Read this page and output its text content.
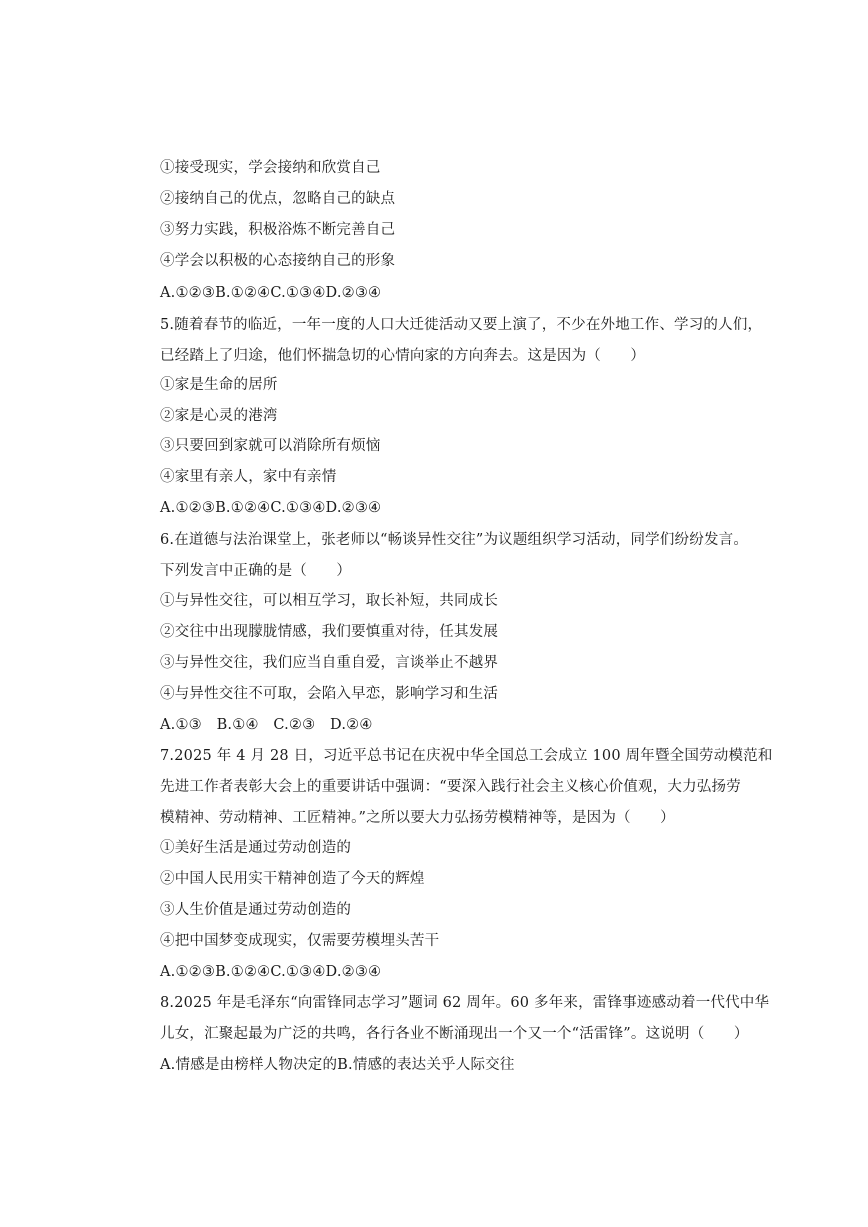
①接受现实，学会接纳和欣赏自己
②接纳自己的优点，忽略自己的缺点
③努力实践，积极浴炼不断完善自己
④学会以积极的心态接纳自己的形象
A.①②③B.①②④C.①③④D.②③④
5.随着春节的临近，一年一度的人口大迁徙活动又要上演了，不少在外地工作、学习的人们，
已经踏上了归途，他们怀揣急切的心情向家的方向奔去。这是因为（　　）
①家是生命的居所
②家是心灵的港湾
③只要回到家就可以消除所有烦恼
④家里有亲人，家中有亲情
A.①②③B.①②④C.①③④D.②③④
6.在道德与法治课堂上，张老师以“畅谈异性交往”为议题组织学习活动，同学们纷纷发言。
下列发言中正确的是（　　）
①与异性交往，可以相互学习，取长补短，共同成长
②交往中出现朦胧情感，我们要慎重对待，任其发展
③与异性交往，我们应当自重自爱，言谈举止不越界
④与异性交往不可取，会陷入早恋，影响学习和生活
A.①③　B.①④　C.②③　D.②④
7.2025 年 4 月 28 日，习近平总书记在庆祝中华全国总工会成立 100 周年暨全国劳动模范和
先进工作者表彰大会上的重要讲话中强调：“要深入践行社会主义核心价值观，大力弘扬劳
模精神、劳动精神、工匠精神。”之所以要大力弘扬劳模精神等，是因为（　　）
①美好生活是通过劳动创造的
②中国人民用实干精神创造了今天的辉煌
③人生价值是通过劳动创造的
④把中国梦变成现实，仅需要劳模埋头苦干
A.①②③B.①②④C.①③④D.②③④
8.2025 年是毛泽东“向雷锋同志学习”题词 62 周年。60 多年来，雷锋事迹感动着一代代中华
儿女，汇聚起最为广泛的共鸣，各行各业不断涌现出一个又一个“活雷锋”。这说明（　　）
A.情感是由榜样人物决定的B.情感的表达关乎人际交往
